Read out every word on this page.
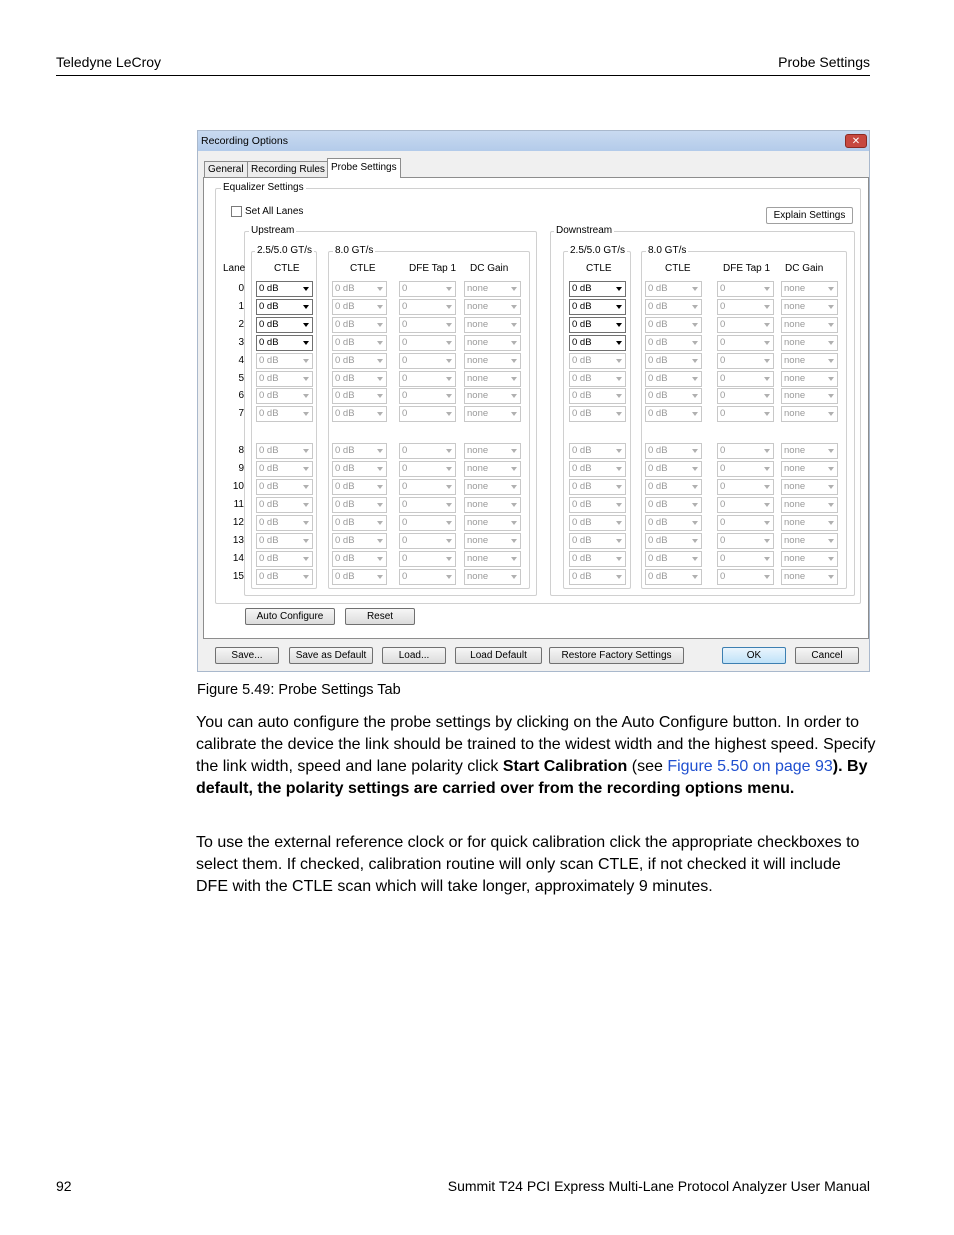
Teledyne LeCroy	Probe Settings
Recording Options	✕
General Recording Rules Probe Settings
Equalizer Settings
Set All Lanes	Explain Settings
Upstream
2.5/5.0 GT/s 8.0 GT/s
Downstream
2.5/5.0 GT/s 8.0 GT/s
Lane	CTLE	CTLE	DFE Tap 1 DC Gain	CTLE	CTLE	DFE Tap 1 DC Gain
0	0 dB	0 dB	0	none	0 dB	0 dB	0	none
1	0 dB	0 dB	0	none	0 dB	0 dB	0	none
2	0 dB	0 dB	0	none	0 dB	0 dB	0	none
3	0 dB	0 dB	0	none	0 dB	0 dB	0	none
4	0 dB	0 dB	0	none	0 dB	0 dB	0	none
5	0 dB	0 dB	0	none	0 dB	0 dB	0	none
6	0 dB	0 dB	0	none	0 dB	0 dB	0	none
7	0 dB	0 dB	0	none	0 dB	0 dB	0	none
8	0 dB	0 dB	0	none	0 dB	0 dB	0	none
9	0 dB	0 dB	0	none	0 dB	0 dB	0	none
10	0 dB	0 dB	0	none	0 dB	0 dB	0	none
11	0 dB	0 dB	0	none	0 dB	0 dB	0	none
12	0 dB	0 dB	0	none	0 dB	0 dB	0	none
13	0 dB	0 dB	0	none	0 dB	0 dB	0	none
14	0 dB	0 dB	0	none	0 dB	0 dB	0	none
15	0 dB	0 dB	0	none	0 dB	0 dB	0	none
Auto Configure	Reset
Save...	Save as Default	Load...	Load Default	Restore Factory Settings	OK	Cancel
Figure 5.49: Probe Settings Tab
You can auto configure the probe settings by clicking on the Auto Configure button. In order to calibrate the device the link should be trained to the widest width and the highest speed. Specify the link width, speed and lane polarity click Start Calibration (see Figure 5.50 on page 93). By default, the polarity settings are carried over from the recording options menu.
To use the external reference clock or for quick calibration click the appropriate checkboxes to select them. If checked, calibration routine will only scan CTLE, if not checked it will include DFE with the CTLE scan which will take longer, approximately 9 minutes.
92	Summit T24 PCI Express Multi-Lane Protocol Analyzer User Manual
